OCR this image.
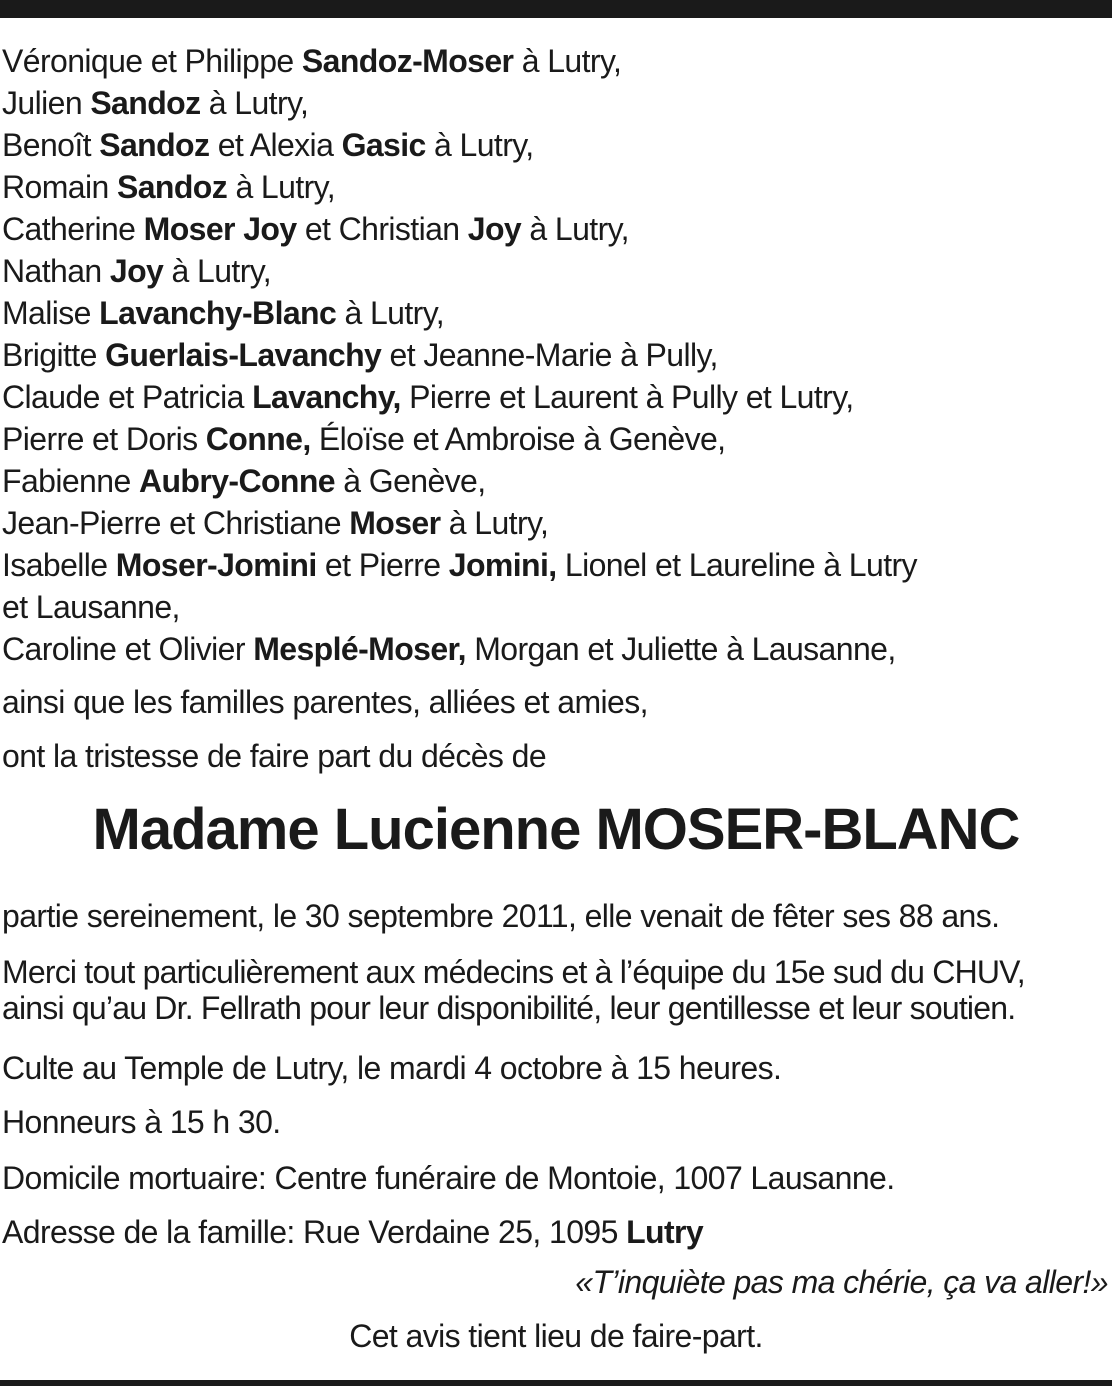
Véronique et Philippe Sandoz-Moser à Lutry,
Julien Sandoz à Lutry,
Benoît Sandoz et Alexia Gasic à Lutry,
Romain Sandoz à Lutry,
Catherine Moser Joy et Christian Joy à Lutry,
Nathan Joy à Lutry,
Malise Lavanchy-Blanc à Lutry,
Brigitte Guerlais-Lavanchy et Jeanne-Marie à Pully,
Claude et Patricia Lavanchy, Pierre et Laurent à Pully et Lutry,
Pierre et Doris Conne, Éloïse et Ambroise à Genève,
Fabienne Aubry-Conne à Genève,
Jean-Pierre et Christiane Moser à Lutry,
Isabelle Moser-Jomini et Pierre Jomini, Lionel et Laureline à Lutry
et Lausanne,
Caroline et Olivier Mesplé-Moser, Morgan et Juliette à Lausanne,
ainsi que les familles parentes, alliées et amies,
ont la tristesse de faire part du décès de
Madame Lucienne MOSER-BLANC
partie sereinement, le 30 septembre 2011, elle venait de fêter ses 88 ans.
Merci tout particulièrement aux médecins et à l’équipe du 15e sud du CHUV,
ainsi qu’au Dr. Fellrath pour leur disponibilité, leur gentillesse et leur soutien.
Culte au Temple de Lutry, le mardi 4 octobre à 15 heures.
Honneurs à 15 h 30.
Domicile mortuaire: Centre funéraire de Montoie, 1007 Lausanne.
Adresse de la famille: Rue Verdaine 25, 1095 Lutry
«T’inquiète pas ma chérie, ça va aller!»
Cet avis tient lieu de faire-part.
